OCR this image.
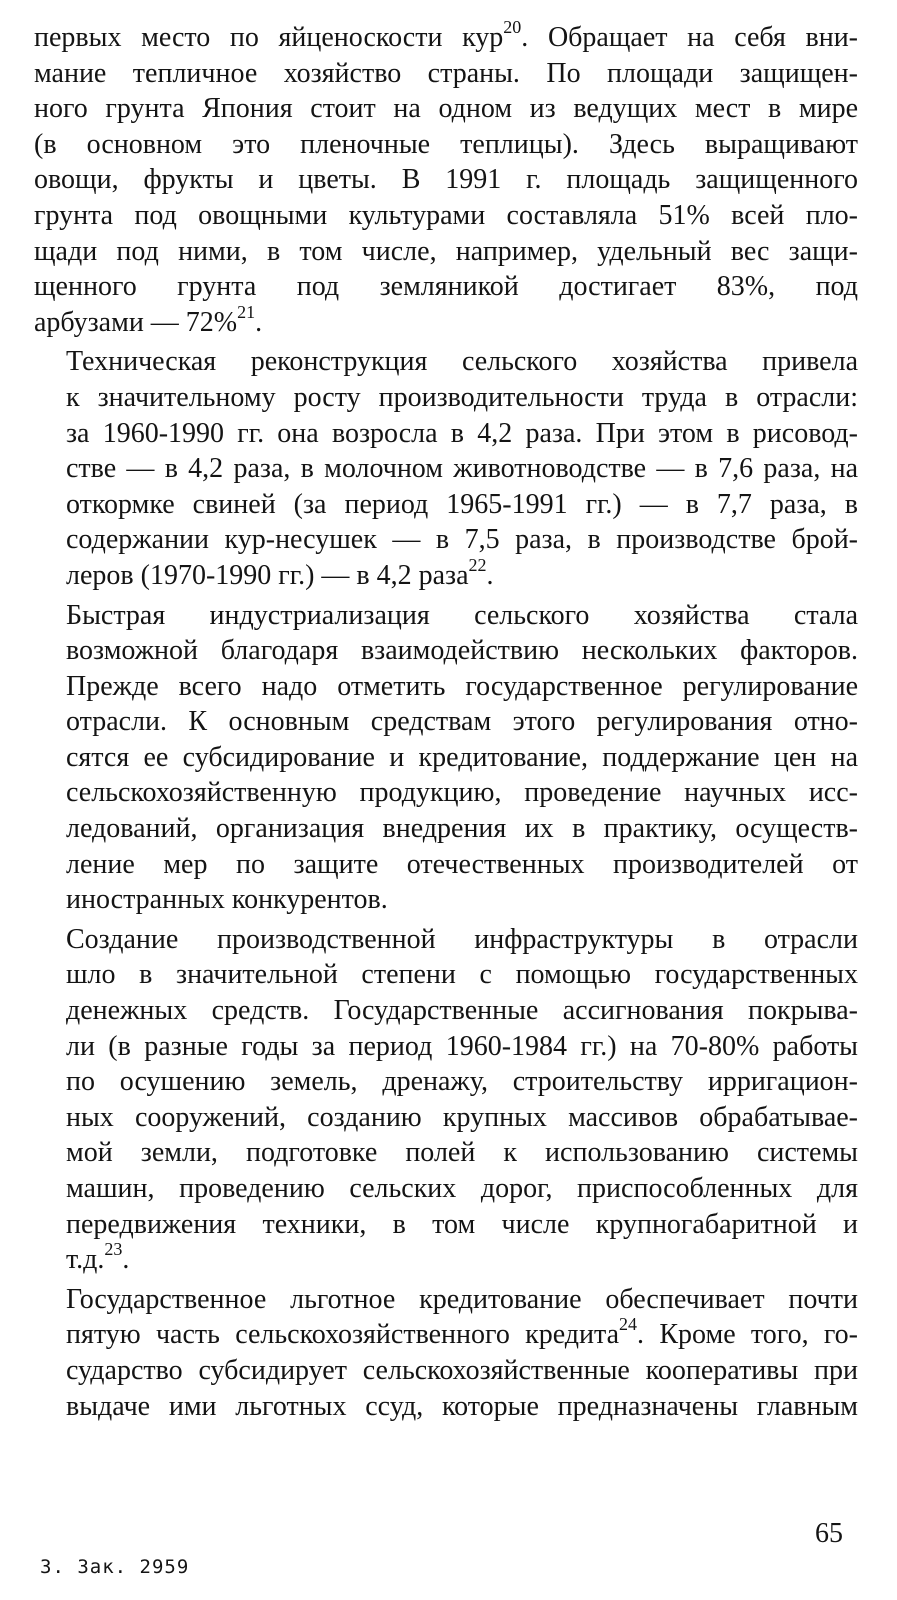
первых место по яйценоскости кур$^{20}$. Обращает на себя вни-
мание тепличное хозяйство страны. По площади защищен-
ного грунта Япония стоит на одном из ведущих мест в мире
(в основном это пленочные теплицы). Здесь выращивают
овощи, фрукты и цветы. В 1991 г. площадь защищенного
грунта под овощными культурами составляла 51% всей пло-
щади под ними, в том числе, например, удельный вес защи-
щенного грунта под земляникой достигает 83%, под
арбузами — 72%$^{21}$.

Техническая реконструкция сельского хозяйства привела
к значительному росту производительности труда в отрасли:
за 1960-1990 гг. она возросла в 4,2 раза. При этом в рисовод-
стве — в 4,2 раза, в молочном животноводстве — в 7,6 раза, на
откормке свиней (за период 1965-1991 гг.) — в 7,7 раза, в
содержании кур-несушек — в 7,5 раза, в производстве брой-
леров (1970-1990 гг.) — в 4,2 раза$^{22}$.

Быстрая индустриализация сельского хозяйства стала
возможной благодаря взаимодействию нескольких факторов.
Прежде всего надо отметить государственное регулирование
отрасли. К основным средствам этого регулирования отно-
сятся ее субсидирование и кредитование, поддержание цен на
сельскохозяйственную продукцию, проведение научных исс-
ледований, организация внедрения их в практику, осуществ-
ление мер по защите отечественных производителей от
иностранных конкурентов.

Создание производственной инфраструктуры в отрасли
шло в значительной степени с помощью государственных
денежных средств. Государственные ассигнования покрыва-
ли (в разные годы за период 1960-1984 гг.) на 70-80% работы
по осушению земель, дренажу, строительству ирригацион-
ных сооружений, созданию крупных массивов обрабатывае-
мой земли, подготовке полей к использованию системы
машин, проведению сельских дорог, приспособленных для
передвижения техники, в том числе крупногабаритной и
т.д.$^{23}$.

Государственное льготное кредитование обеспечивает почти
пятую часть сельскохозяйственного кредита$^{24}$. Кроме того, го-
сударство субсидирует сельскохозяйственные кооперативы при
выдаче ими льготных ссуд, которые предназначены главным

3. Зак. 2959
65
